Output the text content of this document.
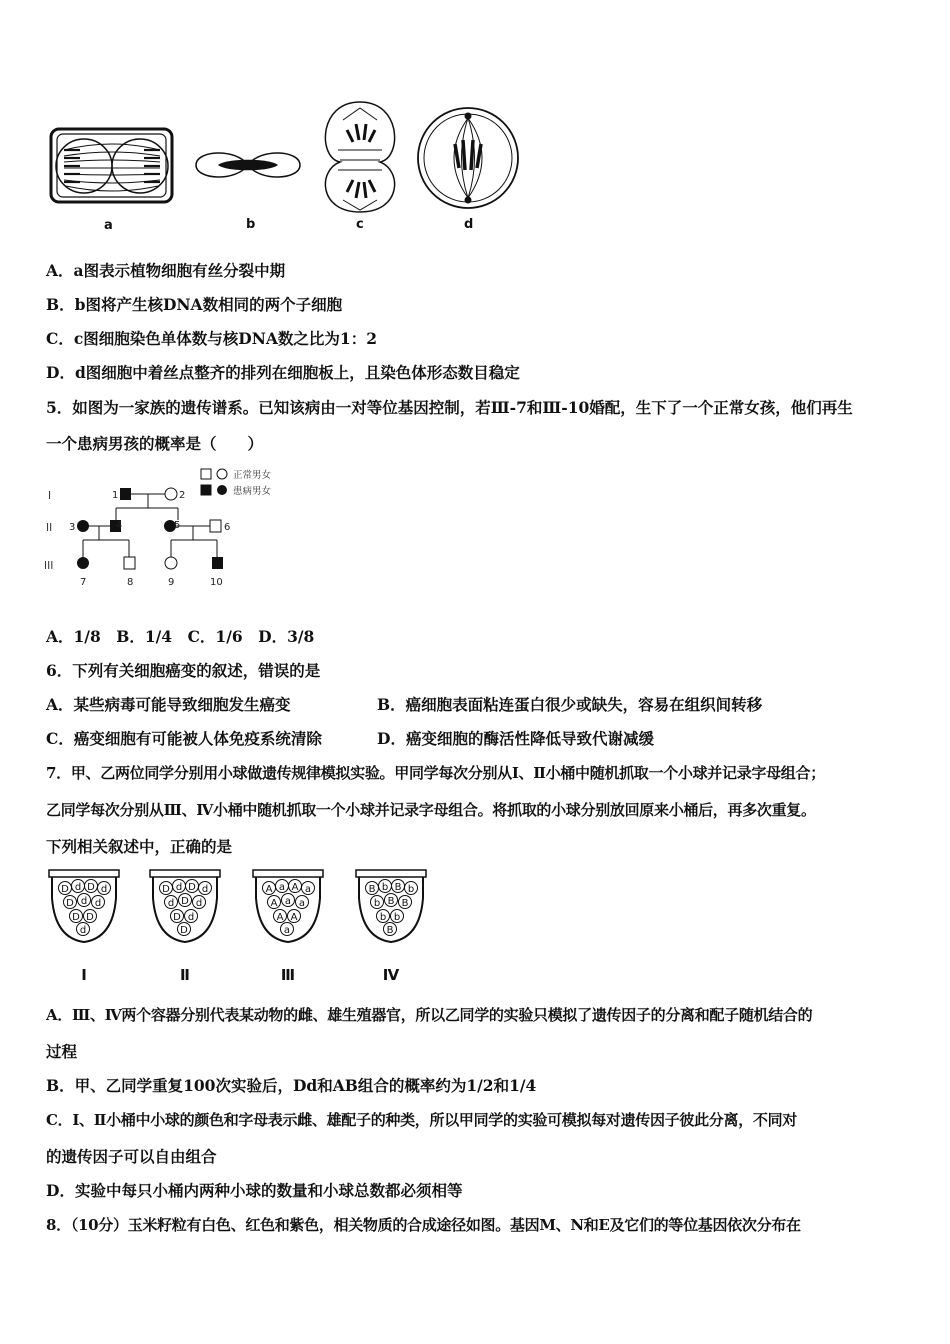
a	b	c	d
A．a图表示植物细胞有丝分裂中期
B．b图将产生核DNA数相同的两个子细胞
C．c图细胞染色单体数与核DNA数之比为1：2
D．d图细胞中着丝点整齐的排列在细胞板上，且染色体形态数目稳定
5．如图为一家族的遗传谱系。已知该病由一对等位基因控制，若Ⅲ-7和Ⅲ-10婚配，生下了一个正常女孩，他们再生
一个患病男孩的概率是（　　）
I
II
III
正常男女
患病男女
1	2
3	4	5	6
7	8	9	10
A．1/8　B．1/4　C．1/6　D．3/8
6．下列有关细胞癌变的叙述，错误的是
A．某些病毒可能导致细胞发生癌变	B．癌细胞表面粘连蛋白很少或缺失，容易在组织间转移
C．癌变细胞有可能被人体免疫系统清除	D．癌变细胞的酶活性降低导致代谢减缓
7．甲、乙两位同学分别用小球做遗传规律模拟实验。甲同学每次分别从Ⅰ、Ⅱ小桶中随机抓取一个小球并记录字母组合；
乙同学每次分别从Ⅲ、Ⅳ小桶中随机抓取一个小球并记录字母组合。将抓取的小球分别放回原来小桶后，再多次重复。
下列相关叙述中，正确的是
D d D d
D d d
D D
d
Ⅰ
D d D d
d D d
D d
D
Ⅱ
A a A a
A a a
A A
a
Ⅲ
B b B b
b B B
b b
B
Ⅳ
A．Ⅲ、Ⅳ两个容器分别代表某动物的雌、雄生殖器官，所以乙同学的实验只模拟了遗传因子的分离和配子随机结合的
过程
B．甲、乙同学重复100次实验后，Dd和AB组合的概率约为1/2和1/4
C．Ⅰ、Ⅱ小桶中小球的颜色和字母表示雌、雄配子的种类，所以甲同学的实验可模拟每对遗传因子彼此分离，不同对
的遗传因子可以自由组合
D．实验中每只小桶内两种小球的数量和小球总数都必须相等
8．（10分）玉米籽粒有白色、红色和紫色，相关物质的合成途径如图。基因M、N和E及它们的等位基因依次分布在
